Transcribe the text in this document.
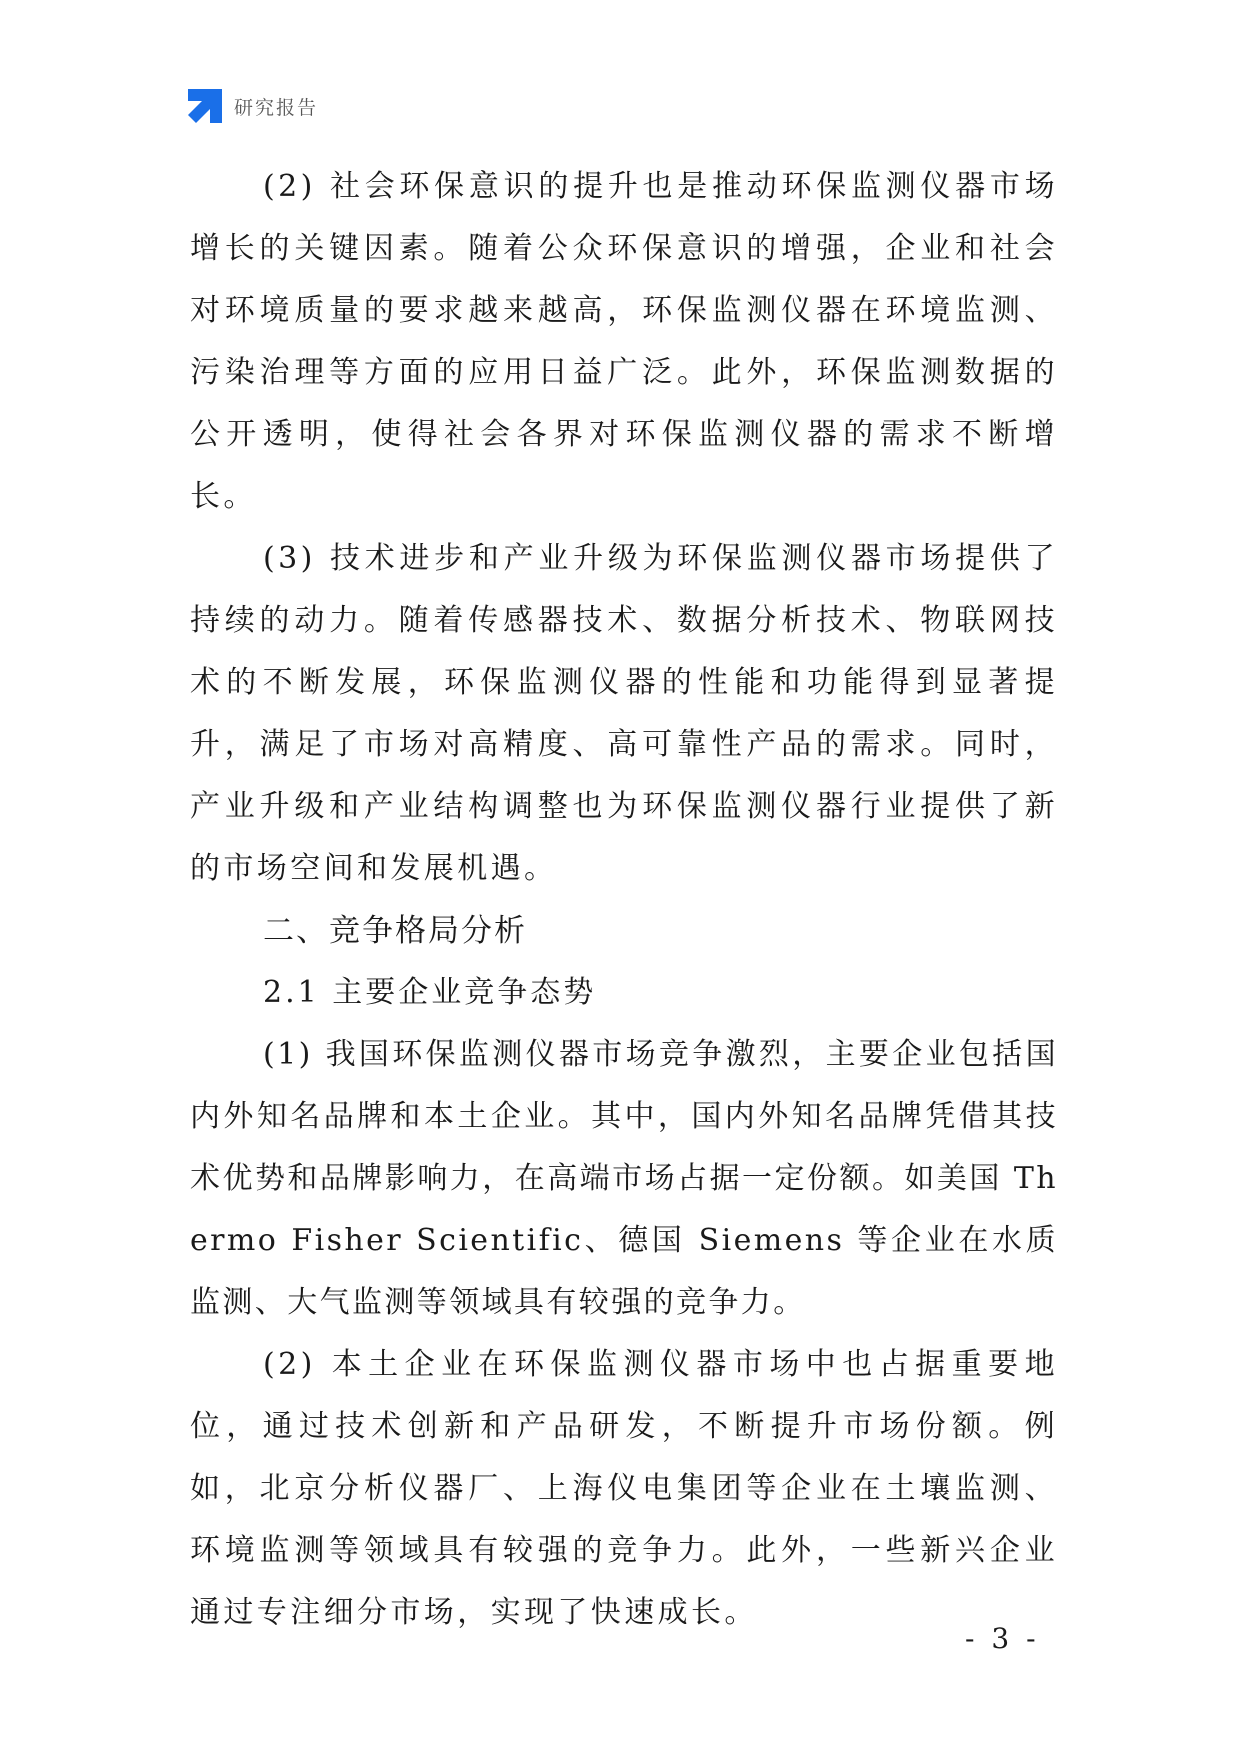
研究报告

(2) 社会环保意识的提升也是推动环保监测仪器市场增长的关键因素。随着公众环保意识的增强，企业和社会对环境质量的要求越来越高，环保监测仪器在环境监测、污染治理等方面的应用日益广泛。此外，环保监测数据的公开透明，使得社会各界对环保监测仪器的需求不断增长。

(3) 技术进步和产业升级为环保监测仪器市场提供了持续的动力。随着传感器技术、数据分析技术、物联网技术的不断发展，环保监测仪器的性能和功能得到显著提升，满足了市场对高精度、高可靠性产品的需求。同时，产业升级和产业结构调整也为环保监测仪器行业提供了新的市场空间和发展机遇。

二、竞争格局分析

2.1 主要企业竞争态势

(1) 我国环保监测仪器市场竞争激烈，主要企业包括国内外知名品牌和本土企业。其中，国内外知名品牌凭借其技术优势和品牌影响力，在高端市场占据一定份额。如美国 Thermo Fisher Scientific、德国 Siemens 等企业在水质监测、大气监测等领域具有较强的竞争力。

(2) 本土企业在环保监测仪器市场中也占据重要地位，通过技术创新和产品研发，不断提升市场份额。例如，北京分析仪器厂、上海仪电集团等企业在土壤监测、环境监测等领域具有较强的竞争力。此外，一些新兴企业通过专注细分市场，实现了快速成长。

- 3 -
